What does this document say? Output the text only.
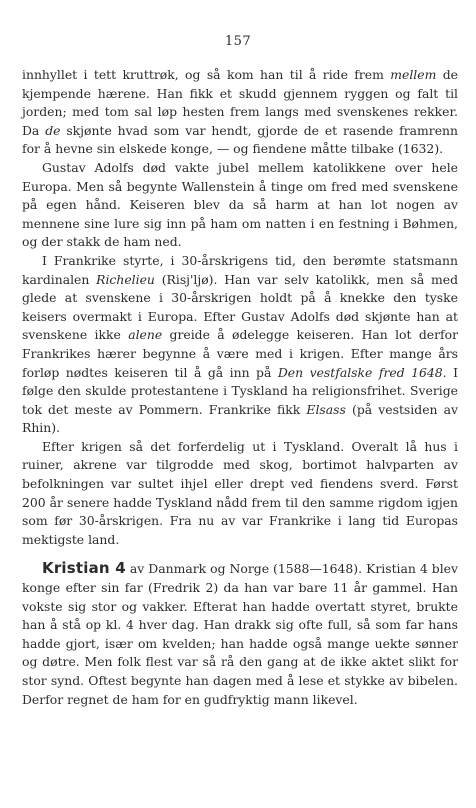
157

innhyllet i tett kruttrøk, og så kom han til å ride frem mellem de kjempende hærene. Han fikk et skudd gjennem ryggen og falt til jorden; med tom sal løp hesten frem langs med svenskenes rekker. Da de skjønte hvad som var hendt, gjorde de et rasende framrenn for å hevne sin elskede konge, — og fiendene måtte tilbake (1632).

Gustav Adolfs død vakte jubel mellem katolikkene over hele Europa. Men så begynte Wallenstein å tinge om fred med svenskene på egen hånd. Keiseren blev da så harm at han lot nogen av mennene sine lure sig inn på ham om natten i en festning i Bøhmen, og der stakk de ham ned.

I Frankrike styrte, i 30-årskrigens tid, den berømte statsmann kardinalen Richelieu (Risj'ljø). Han var selv katolikk, men så med glede at svenskene i 30-årskrigen holdt på å knekke den tyske keisers overmakt i Europa. Efter Gustav Adolfs død skjønte han at svenskene ikke alene greide å ødelegge keiseren. Han lot derfor Frankrikes hærer begynne å være med i krigen. Efter mange års forløp nødtes keiseren til å gå inn på Den vestfalske fred 1648. I følge den skulde protestantene i Tyskland ha religionsfrihet. Sverige tok det meste av Pommern. Frankrike fikk Elsass (på vestsiden av Rhin).

Efter krigen så det forferdelig ut i Tyskland. Overalt lå hus i ruiner, akrene var tilgrodde med skog, bortimot halvparten av befolkningen var sultet ihjel eller drept ved fiendens sverd. Først 200 år senere hadde Tyskland nådd frem til den samme rigdom igjen som før 30-årskrigen. Fra nu av var Frankrike i lang tid Europas mektigste land.

Kristian 4 av Danmark og Norge (1588—1648). Kristian 4 blev konge efter sin far (Fredrik 2) da han var bare 11 år gammel. Han vokste sig stor og vakker. Efterat han hadde overtatt styret, brukte han å stå op kl. 4 hver dag. Han drakk sig ofte full, så som far hans hadde gjort, især om kvelden; han hadde også mange uekte sønner og døtre. Men folk flest var så rå den gang at de ikke aktet slikt for stor synd. Oftest begynte han dagen med å lese et stykke av bibelen. Derfor regnet de ham for en gudfryktig mann likevel.
